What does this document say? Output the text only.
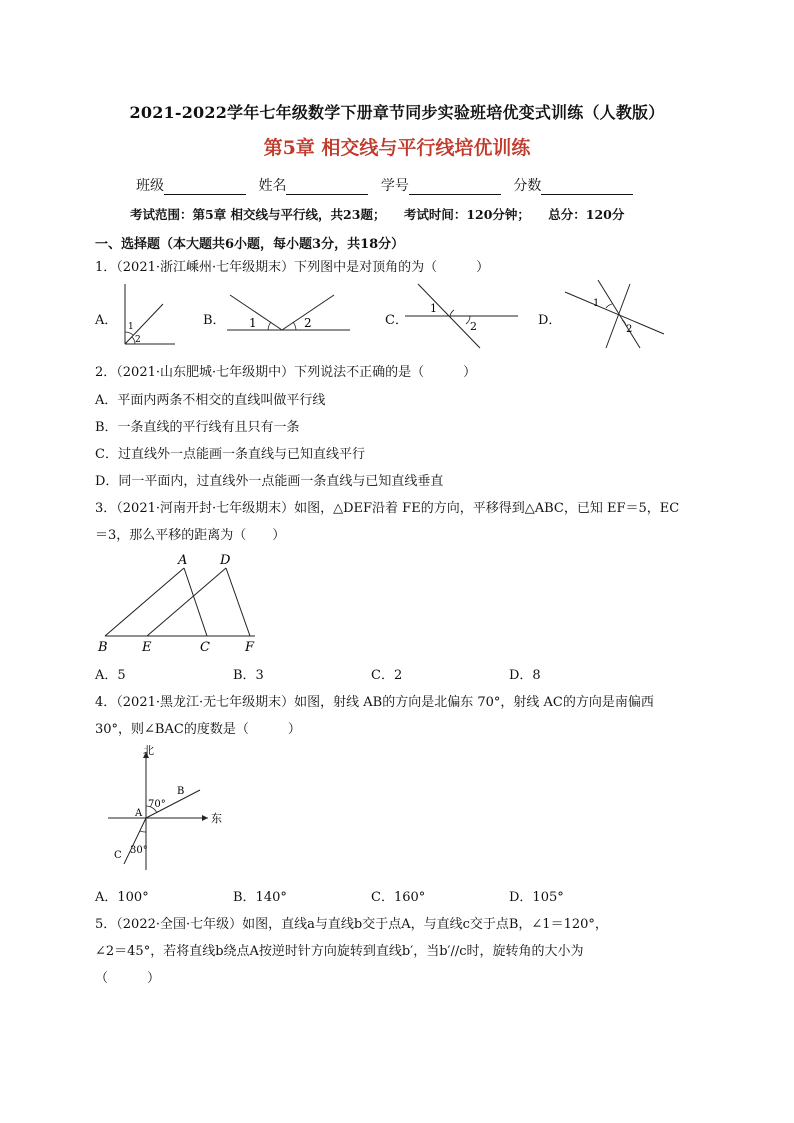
2021-2022学年七年级数学下册章节同步实验班培优变式训练（人教版）
第5章 相交线与平行线培优训练
班级	姓名	学号	分数
考试范围：第5章 相交线与平行线，共23题； 考试时间：120分钟； 总分：120分
一、选择题（本大题共6小题，每小题3分，共18分）
1．（2021·浙江嵊州·七年级期末）下列图中是对顶角的为（　　　）
A． 1
2
B． 1	2	C．
1
2	D．
1
2
2．（2021·山东肥城·七年级期中）下列说法不正确的是（　　　）
A．平面内两条不相交的直线叫做平行线
B．一条直线的平行线有且只有一条
C．过直线外一点能画一条直线与已知直线平行
D．同一平面内，过直线外一点能画一条直线与已知直线垂直
3．（2021·河南开封·七年级期末）如图，△DEF沿着 FE的方向，平移得到△ABC，已知 EF＝5，EC
＝3，那么平移的距离为（　　）
A	D
B	E	C	F
A．5	B．3	C．2	D．8
4．（2021·黑龙江·无七年级期末）如图，射线 AB的方向是北偏东 70°，射线 AC的方向是南偏西
30°，则∠BAC的度数是（　　　）
北
东
A
B
C
70°
30°
A．100°	B．140°	C．160°	D．105°
5．（2022·全国·七年级）如图，直线a与直线b交于点A，与直线c交于点B，∠1＝120°，
∠2＝45°，若将直线b绕点A按逆时针方向旋转到直线b′，当b′//c时，旋转角的大小为
（　　　）
